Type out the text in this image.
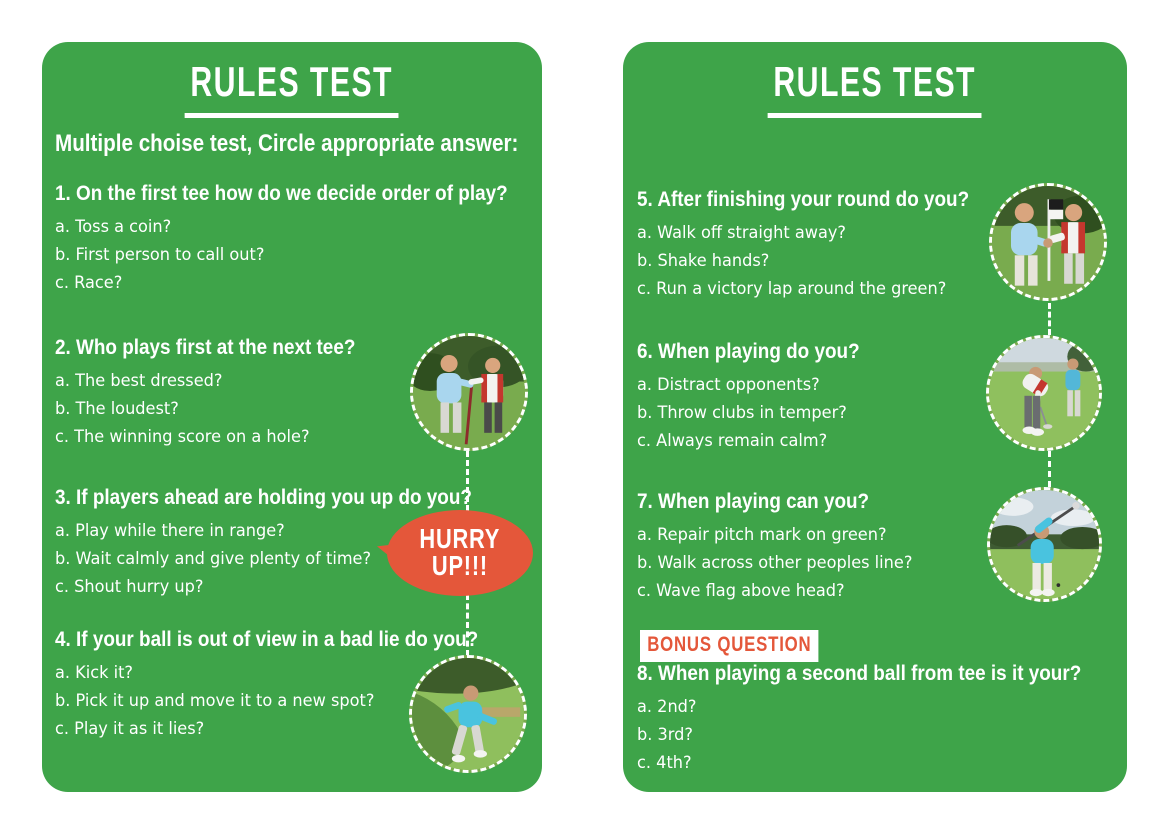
RULES TEST
Multiple choise test, Circle appropriate answer:
1. On the first tee how do we decide order of play?
a. Toss a coin?
b. First person to call out?
c. Race?
2. Who plays first at the next tee?
a. The best dressed?
b. The loudest?
c. The winning score on a hole?
3. If players ahead are holding you up do you?
a. Play while there in range?
b. Wait calmly and give plenty of time?
c. Shout hurry up?
4. If your ball is out of view in a bad lie do you?
a. Kick it?
b. Pick it up and move it to a new spot?
c. Play it as it lies?
HURRY
UP!!!
RULES TEST
5. After finishing your round do you?
a. Walk off straight away?
b. Shake hands?
c. Run a victory lap around the green?
6. When playing do you?
a. Distract opponents?
b. Throw clubs in temper?
c. Always remain calm?
7. When playing can you?
a. Repair pitch mark on green?
b. Walk across other peoples line?
c. Wave flag above head?
BONUS QUESTION
8. When playing a second ball from tee is it your?
a. 2nd?
b. 3rd?
c. 4th?
